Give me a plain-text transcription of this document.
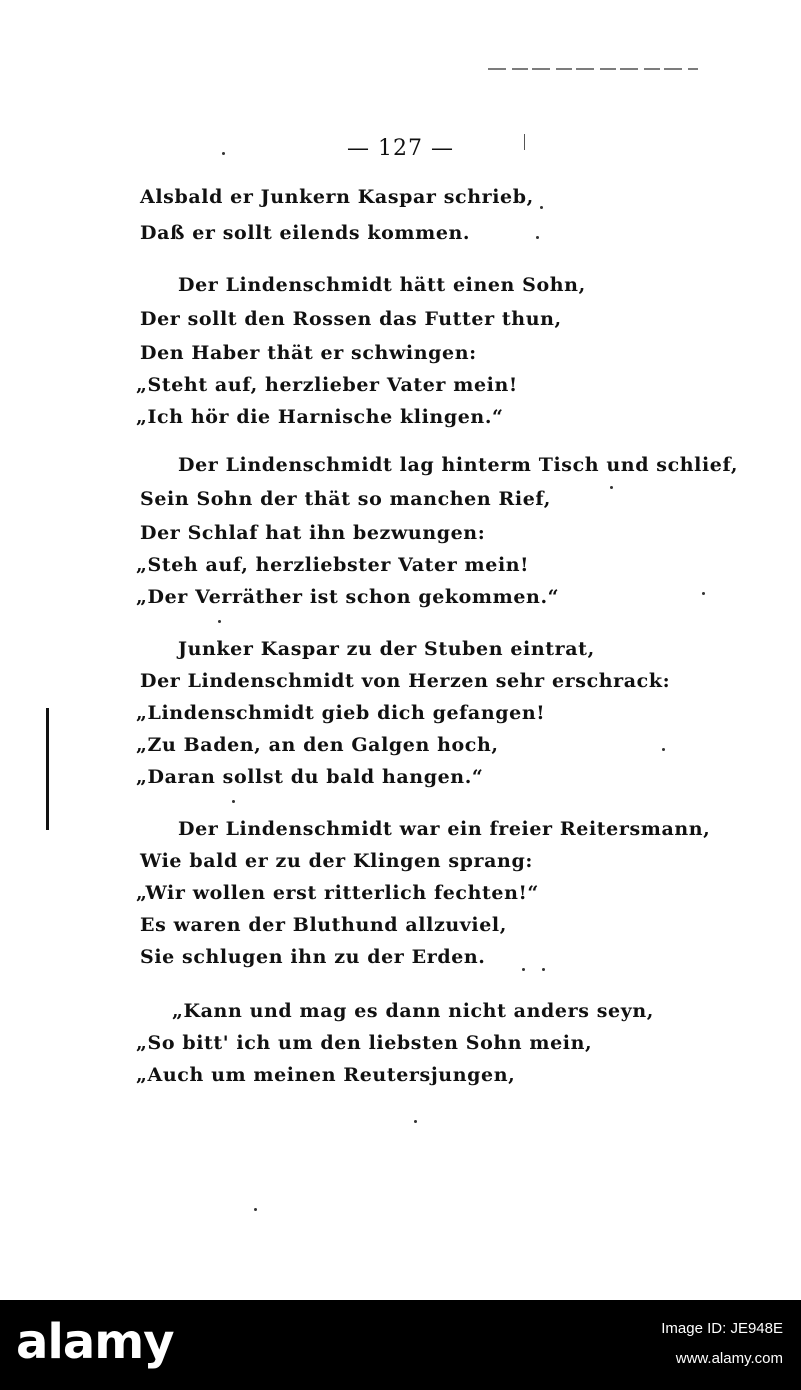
— 127 —
Alsbald er Junkern Kaspar schrieb,
Daß er sollt eilends kommen.
Der Lindenschmidt hätt einen Sohn,
Der sollt den Rossen das Futter thun,
Den Haber thät er schwingen:
„Steht auf, herzlieber Vater mein!
„Ich hör die Harnische klingen.“
Der Lindenschmidt lag hinterm Tisch und schlief,
Sein Sohn der thät so manchen Rief,
Der Schlaf hat ihn bezwungen:
„Steh auf, herzliebster Vater mein!
„Der Verräther ist schon gekommen.“
Junker Kaspar zu der Stuben eintrat,
Der Lindenschmidt von Herzen sehr erschrack:
„Lindenschmidt gieb dich gefangen!
„Zu Baden, an den Galgen hoch,
„Daran sollst du bald hangen.“
Der Lindenschmidt war ein freier Reitersmann,
Wie bald er zu der Klingen sprang:
„Wir wollen erst ritterlich fechten!“
Es waren der Bluthund allzuviel,
Sie schlugen ihn zu der Erden.
„Kann und mag es dann nicht anders seyn,
„So bitt' ich um den liebsten Sohn mein,
„Auch um meinen Reutersjungen,
alamy	Image ID: JE948E
www.alamy.com
